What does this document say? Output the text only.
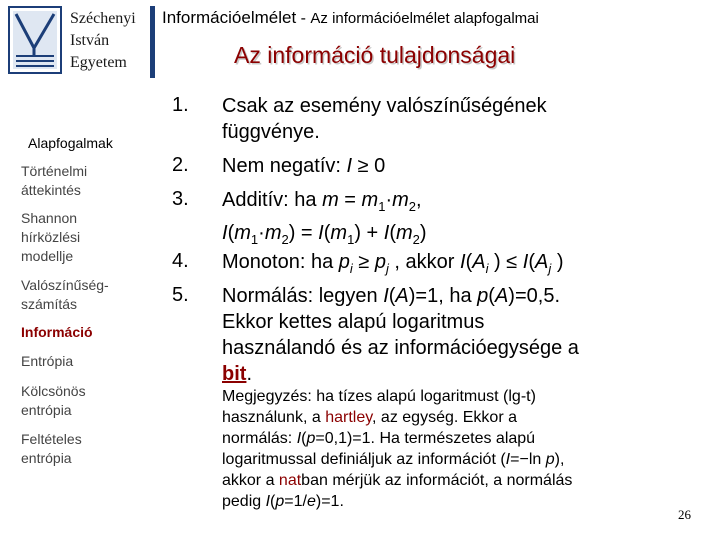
Széchenyi
István
Egyetem
Információelmélet - Az információelmélet alapfogalmai
Az információ tulajdonságai
Alapfogalmak
Történelmi
áttekintés
Shannon
hírközlési
modellje
Valószínűség-
számítás
Információ
Entrópia
Kölcsönös
entrópia
Feltételes
entrópia
1.
2.
3.
4.
5.
Csak az esemény valószínűségének
függvénye.
Nem negatív: I ≥ 0
Additív: ha $m = m_1\cdot m_2$,
$I(m_1\cdot m_2) = I(m_1) + I(m_2)$
Monoton: ha $p_i \ge p_j$ , akkor $I(A_i$ ) ≤ $I(A_j$ )
Normálás: legyen I(A)=1, ha p(A)=0,5.
Ekkor kettes alapú logaritmus
használandó és az információegysége a
bit.
Megjegyzés: ha tízes alapú logaritmust (lg-t)
használunk, a hartley, az egység. Ekkor a
normálás: I(p=0,1)=1. Ha természetes alapú
logaritmussal definiáljuk az információt (I=−ln p),
akkor a natban mérjük az információt, a normálás
pedig I(p=1/e)=1.
26
